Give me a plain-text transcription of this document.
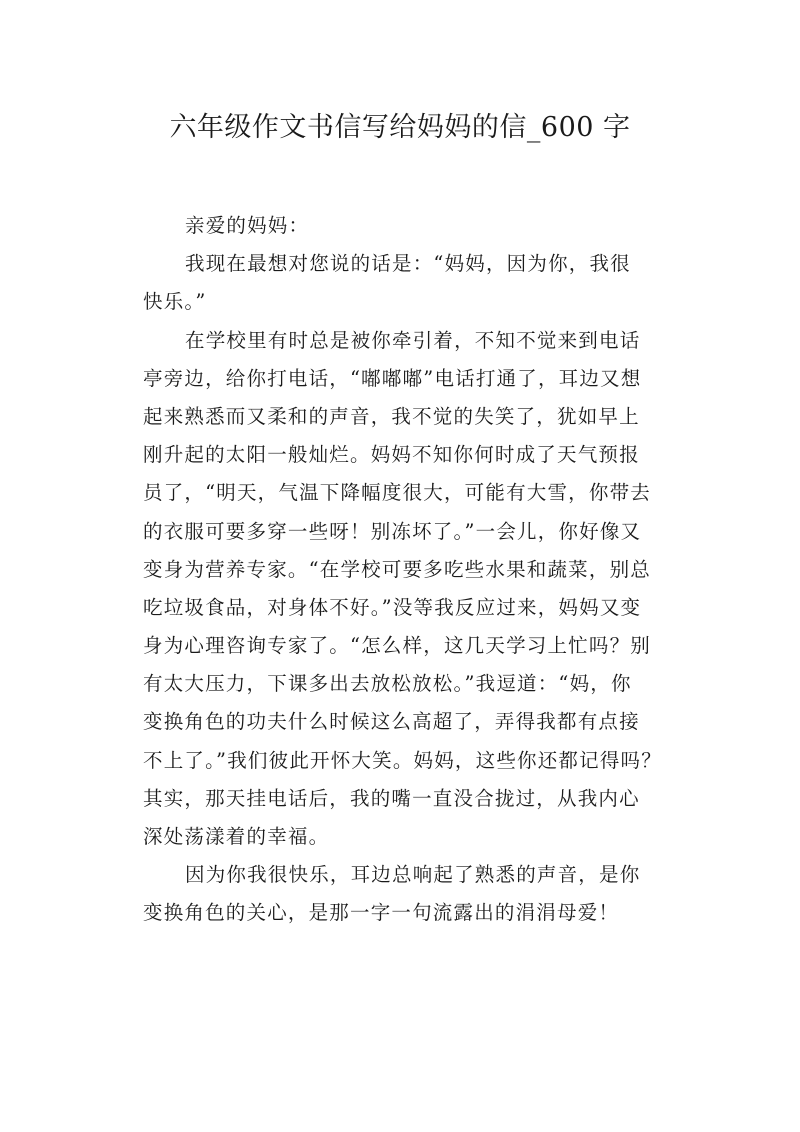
六年级作文书信写给妈妈的信_600 字
亲爱的妈妈：
我现在最想对您说的话是：“妈妈，因为你，我很
快乐。”
在学校里有时总是被你牵引着，不知不觉来到电话
亭旁边，给你打电话，“嘟嘟嘟”电话打通了，耳边又想
起来熟悉而又柔和的声音，我不觉的失笑了，犹如早上
刚升起的太阳一般灿烂。妈妈不知你何时成了天气预报
员了，“明天，气温下降幅度很大，可能有大雪，你带去
的衣服可要多穿一些呀！别冻坏了。”一会儿，你好像又
变身为营养专家。“在学校可要多吃些水果和蔬菜，别总
吃垃圾食品，对身体不好。”没等我反应过来，妈妈又变
身为心理咨询专家了。“怎么样，这几天学习上忙吗？别
有太大压力，下课多出去放松放松。”我逗道：“妈，你
变换角色的功夫什么时候这么高超了，弄得我都有点接
不上了。”我们彼此开怀大笑。妈妈，这些你还都记得吗？
其实，那天挂电话后，我的嘴一直没合拢过，从我内心
深处荡漾着的幸福。
因为你我很快乐，耳边总响起了熟悉的声音，是你
变换角色的关心，是那一字一句流露出的涓涓母爱！
